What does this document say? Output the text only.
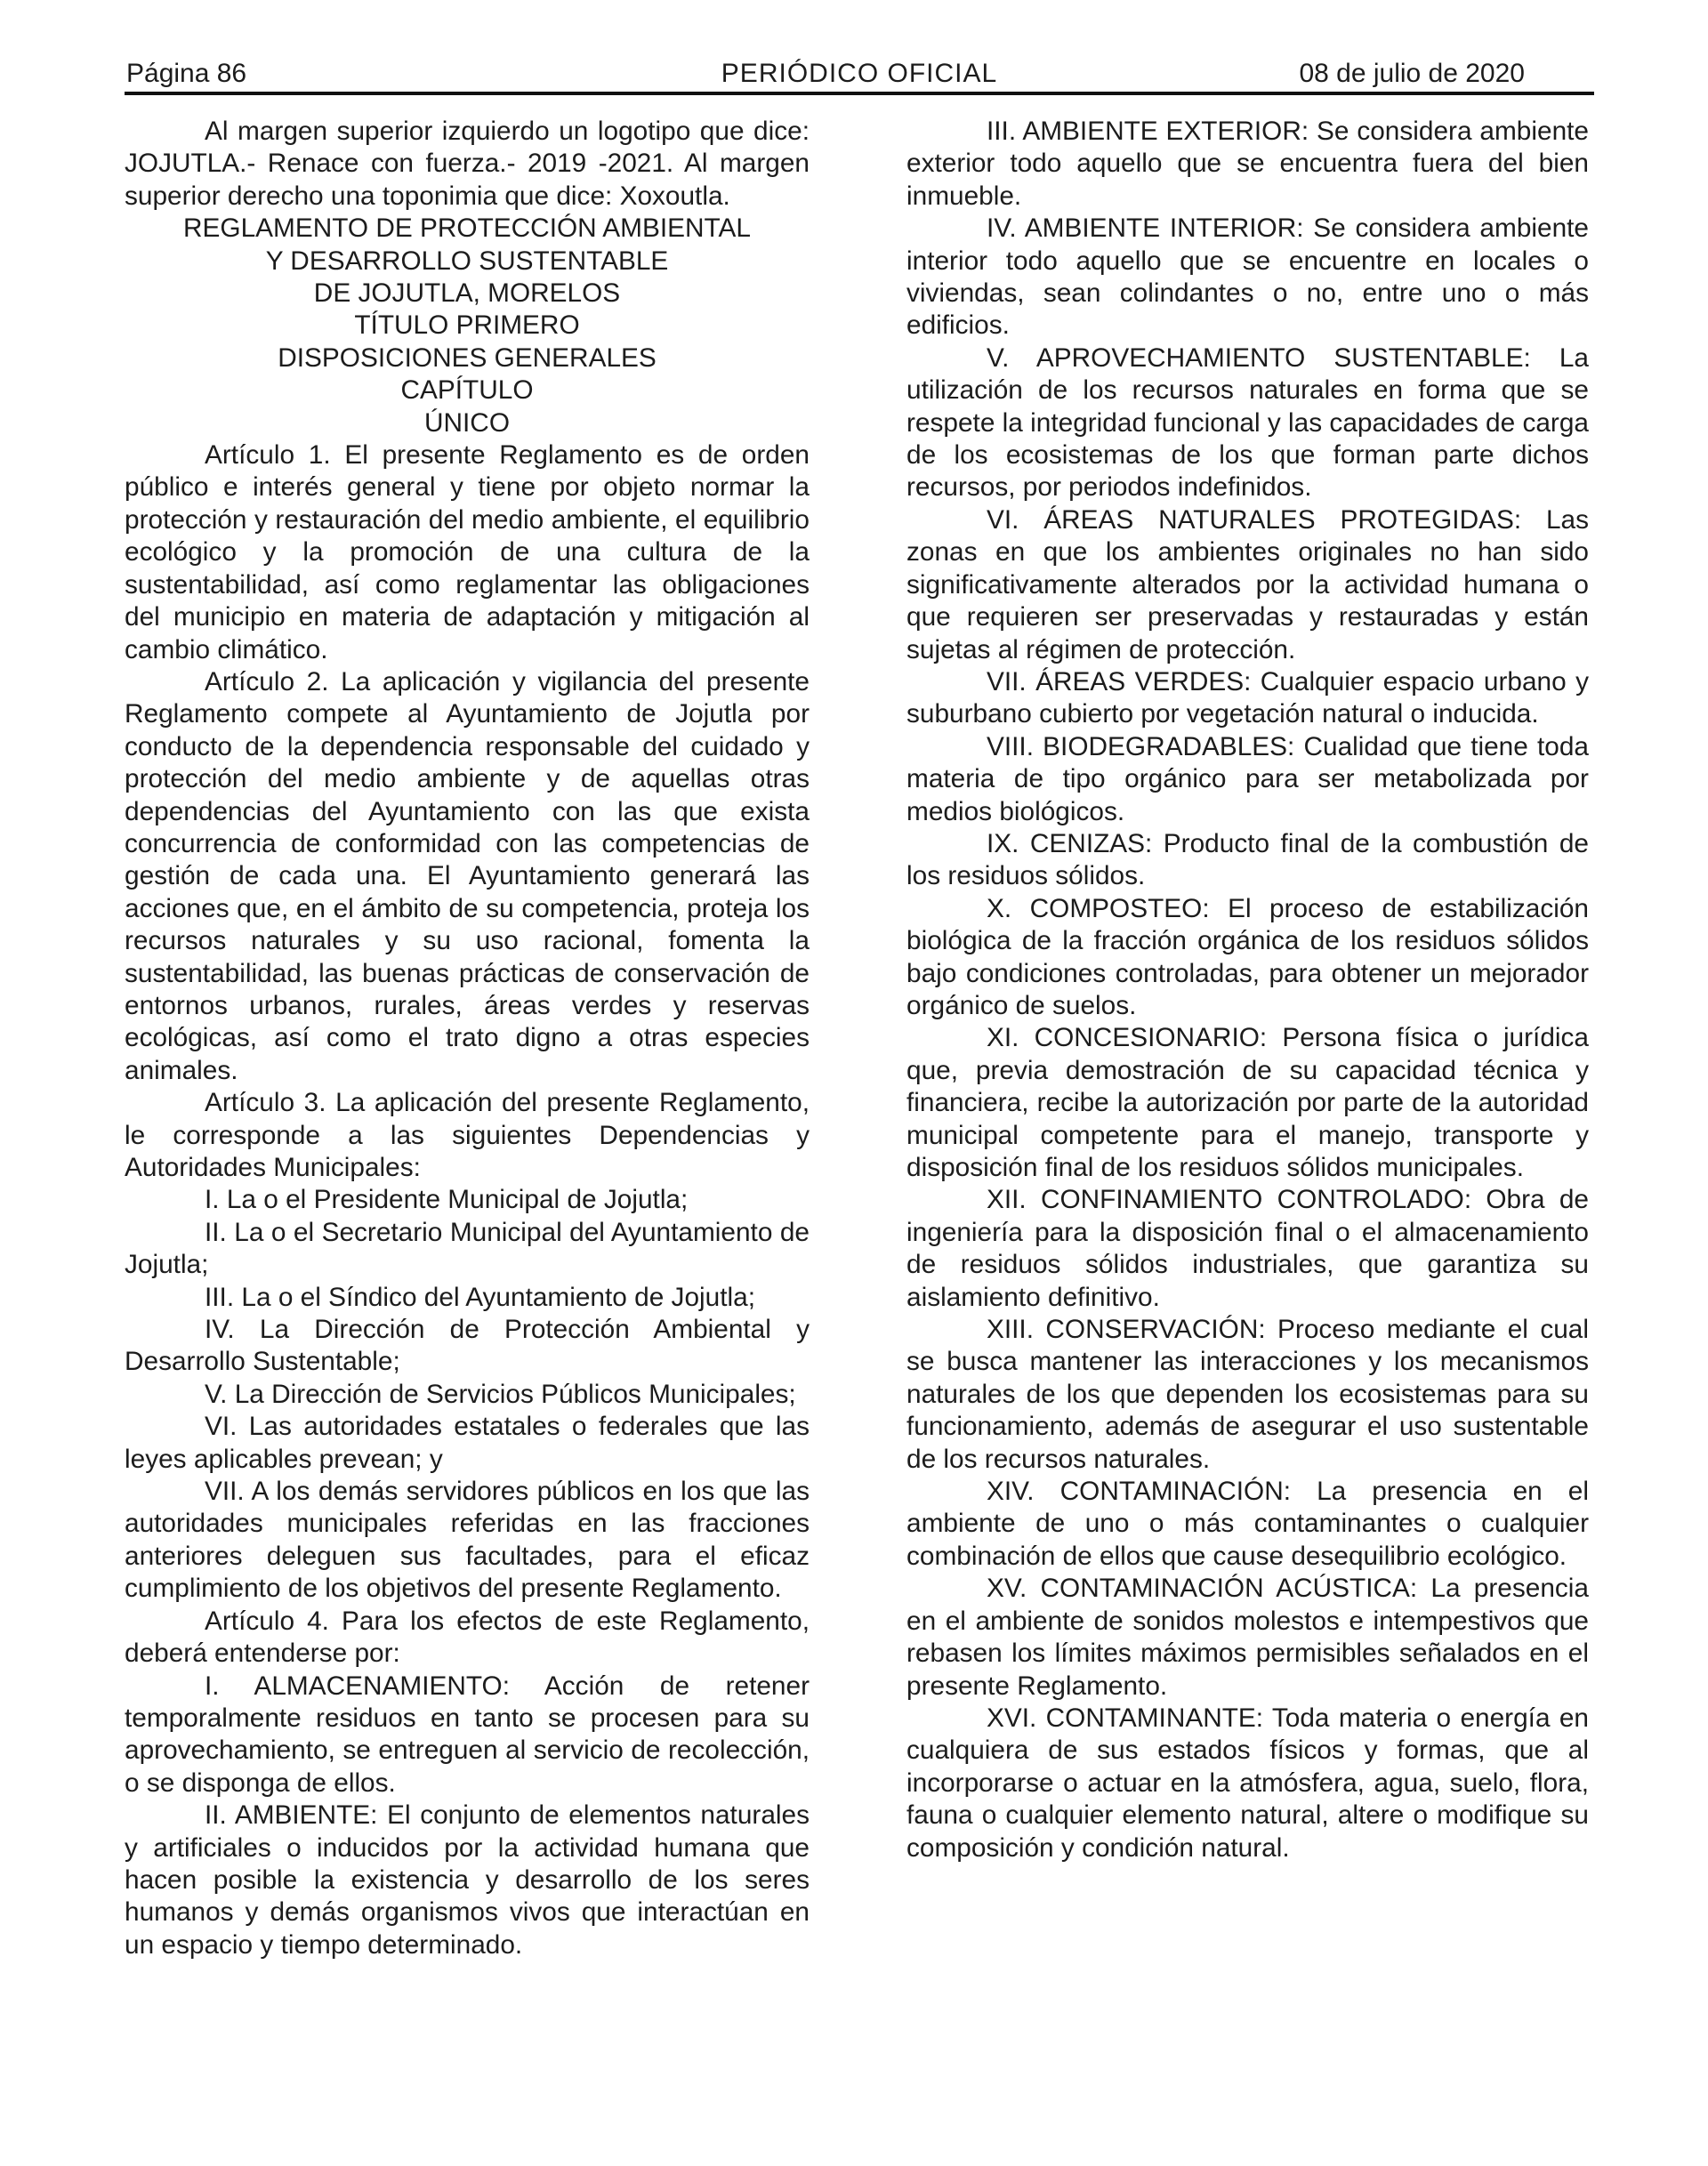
Página 86	PERIÓDICO OFICIAL	08 de julio de 2020

Al margen superior izquierdo un logotipo que dice: JOJUTLA.- Renace con fuerza.- 2019 -2021. Al margen superior derecho una toponimia que dice: Xoxoutla.

REGLAMENTO DE PROTECCIÓN AMBIENTAL

Y DESARROLLO SUSTENTABLE

DE JOJUTLA, MORELOS

TÍTULO PRIMERO

DISPOSICIONES GENERALES

CAPÍTULO

ÚNICO

Artículo 1. El presente Reglamento es de orden público e interés general y tiene por objeto normar la protección y restauración del medio ambiente, el equilibrio ecológico y la promoción de una cultura de la sustentabilidad, así como reglamentar las obligaciones del municipio en materia de adaptación y mitigación al cambio climático.

Artículo 2. La aplicación y vigilancia del presente Reglamento compete al Ayuntamiento de Jojutla por conducto de la dependencia responsable del cuidado y protección del medio ambiente y de aquellas otras dependencias del Ayuntamiento con las que exista concurrencia de conformidad con las competencias de gestión de cada una. El Ayuntamiento generará las acciones que, en el ámbito de su competencia, proteja los recursos naturales y su uso racional, fomenta la sustentabilidad, las buenas prácticas de conservación de entornos urbanos, rurales, áreas verdes y reservas ecológicas, así como el trato digno a otras especies animales.

Artículo 3. La aplicación del presente Reglamento, le corresponde a las siguientes Dependencias y Autoridades Municipales:

I. La o el Presidente Municipal de Jojutla;

II. La o el Secretario Municipal del Ayuntamiento de Jojutla;

III. La o el Síndico del Ayuntamiento de Jojutla;

IV. La Dirección de Protección Ambiental y Desarrollo Sustentable;

V. La Dirección de Servicios Públicos Municipales;

VI. Las autoridades estatales o federales que las leyes aplicables prevean; y

VII. A los demás servidores públicos en los que las autoridades municipales referidas en las fracciones anteriores deleguen sus facultades, para el eficaz cumplimiento de los objetivos del presente Reglamento.

Artículo 4. Para los efectos de este Reglamento, deberá entenderse por:

I. ALMACENAMIENTO: Acción de retener temporalmente residuos en tanto se procesen para su aprovechamiento, se entreguen al servicio de recolección, o se disponga de ellos.

II. AMBIENTE: El conjunto de elementos naturales y artificiales o inducidos por la actividad humana que hacen posible la existencia y desarrollo de los seres humanos y demás organismos vivos que interactúan en un espacio y tiempo determinado.

III. AMBIENTE EXTERIOR: Se considera ambiente exterior todo aquello que se encuentra fuera del bien inmueble.

IV. AMBIENTE INTERIOR: Se considera ambiente interior todo aquello que se encuentre en locales o viviendas, sean colindantes o no, entre uno o más edificios.

V. APROVECHAMIENTO SUSTENTABLE: La utilización de los recursos naturales en forma que se respete la integridad funcional y las capacidades de carga de los ecosistemas de los que forman parte dichos recursos, por periodos indefinidos.

VI. ÁREAS NATURALES PROTEGIDAS: Las zonas en que los ambientes originales no han sido significativamente alterados por la actividad humana o que requieren ser preservadas y restauradas y están sujetas al régimen de protección.

VII. ÁREAS VERDES: Cualquier espacio urbano y suburbano cubierto por vegetación natural o inducida.

VIII. BIODEGRADABLES: Cualidad que tiene toda materia de tipo orgánico para ser metabolizada por medios biológicos.

IX. CENIZAS: Producto final de la combustión de los residuos sólidos.

X. COMPOSTEO: El proceso de estabilización biológica de la fracción orgánica de los residuos sólidos bajo condiciones controladas, para obtener un mejorador orgánico de suelos.

XI. CONCESIONARIO: Persona física o jurídica que, previa demostración de su capacidad técnica y financiera, recibe la autorización por parte de la autoridad municipal competente para el manejo, transporte y disposición final de los residuos sólidos municipales.

XII. CONFINAMIENTO CONTROLADO: Obra de ingeniería para la disposición final o el almacenamiento de residuos sólidos industriales, que garantiza su aislamiento definitivo.

XIII. CONSERVACIÓN: Proceso mediante el cual se busca mantener las interacciones y los mecanismos naturales de los que dependen los ecosistemas para su funcionamiento, además de asegurar el uso sustentable de los recursos naturales.

XIV. CONTAMINACIÓN: La presencia en el ambiente de uno o más contaminantes o cualquier combinación de ellos que cause desequilibrio ecológico.

XV. CONTAMINACIÓN ACÚSTICA: La presencia en el ambiente de sonidos molestos e intempestivos que rebasen los límites máximos permisibles señalados en el presente Reglamento.

XVI. CONTAMINANTE: Toda materia o energía en cualquiera de sus estados físicos y formas, que al incorporarse o actuar en la atmósfera, agua, suelo, flora, fauna o cualquier elemento natural, altere o modifique su composición y condición natural.
